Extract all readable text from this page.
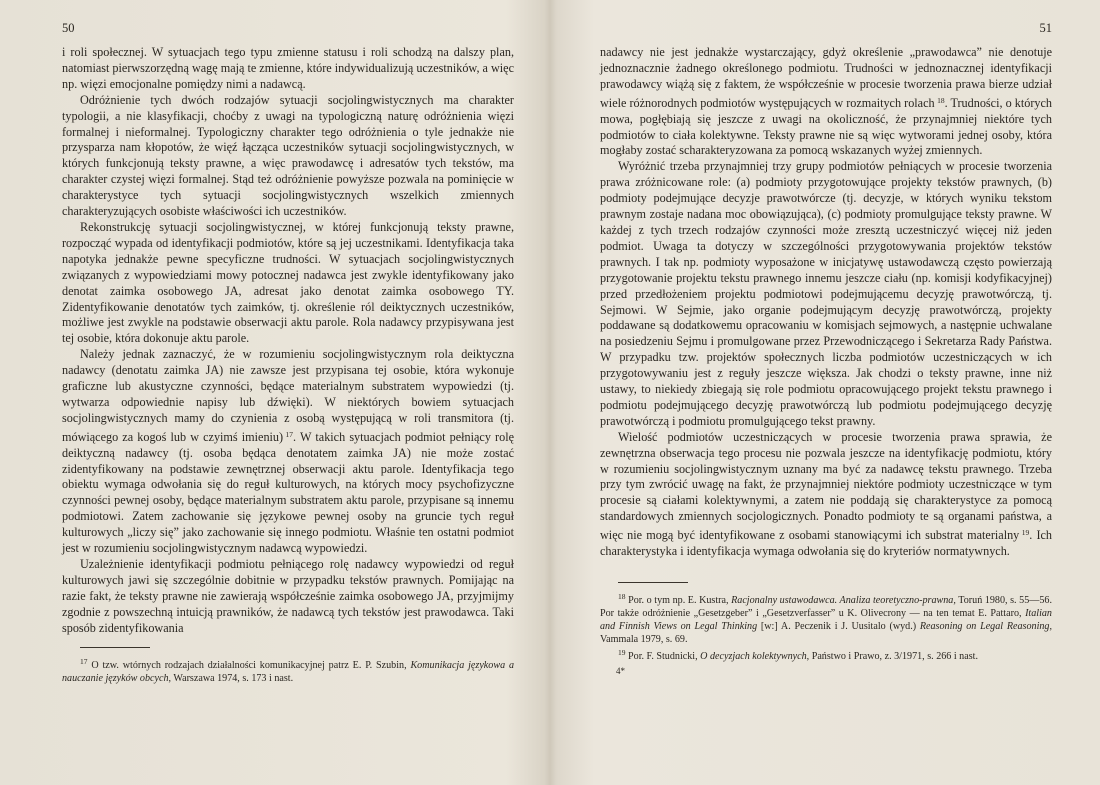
50

i roli społecznej. W sytuacjach tego typu zmienne statusu i roli schodzą na dalszy plan, natomiast pierwszorzędną wagę mają te zmienne, które indywidualizują uczestników, a więc np. więzi emocjonalne pomiędzy nimi a nadawcą.

Odróżnienie tych dwóch rodzajów sytuacji socjolingwistycznych ma charakter typologii, a nie klasyfikacji, choćby z uwagi na typologiczną naturę odróżnienia więzi formalnej i nieformalnej. Typologiczny charakter tego odróżnienia o tyle jednakże nie przysparza nam kłopotów, że więź łącząca uczestników sytuacji socjolingwistycznych, w których funkcjonują teksty prawne, a więc prawodawcę i adresatów tych tekstów, ma charakter czystej więzi formalnej. Stąd też odróżnienie powyższe pozwala na pominięcie w charakterystyce tych sytuacji socjolingwistycznych wszelkich zmiennych charakteryzujących osobiste właściwości ich uczestników.

Rekonstrukcję sytuacji socjolingwistycznej, w której funkcjonują teksty prawne, rozpocząć wypada od identyfikacji podmiotów, które są jej uczestnikami. Identyfikacja taka napotyka jednakże pewne specyficzne trudności. W sytuacjach socjolingwistycznych związanych z wypowiedziami mowy potocznej nadawca jest zwykle identyfikowany jako denotat zaimka osobowego JA, adresat jako denotat zaimka osobowego TY. Zidentyfikowanie denotatów tych zaimków, tj. określenie ról deiktycznych uczestników, możliwe jest zwykle na podstawie obserwacji aktu parole. Rola nadawcy przypisywana jest tej osobie, która dokonuje aktu parole.

Należy jednak zaznaczyć, że w rozumieniu socjolingwistycznym rola deiktyczna nadawcy (denotatu zaimka JA) nie zawsze jest przypisana tej osobie, która wykonuje graficzne lub akustyczne czynności, będące materialnym substratem wypowiedzi (tj. wytwarza odpowiednie napisy lub dźwięki). W niektórych bowiem sytuacjach socjolingwistycznych mamy do czynienia z osobą występującą w roli transmitora (tj. mówiącego za kogoś lub w czyimś imieniu)  $^{17}$. W takich sytuacjach podmiot pełniący rolę deiktyczną nadawcy (tj. osoba będąca denotatem zaimka JA) nie może zostać zidentyfikowany na podstawie zewnętrznej obserwacji aktu parole. Identyfikacja tego obiektu wymaga odwołania się do reguł kulturowych, na których mocy psychofizyczne czynności pewnej osoby, będące materialnym substratem aktu parole, przypisane są innemu podmiotowi. Zatem zachowanie się językowe pewnej osoby na gruncie tych reguł kulturowych „liczy się” jako zachowanie się innego podmiotu. Właśnie ten ostatni podmiot jest w rozumieniu socjolingwistycznym nadawcą wypowiedzi.

Uzależnienie identyfikacji podmiotu pełniącego rolę nadawcy wypowiedzi od reguł kulturowych jawi się szczególnie dobitnie w przypadku tekstów prawnych. Pomijając na razie fakt, że teksty prawne nie zawierają współcześnie zaimka osobowego JA, przyjmijmy zgodnie z powszechną intuicją prawników, że nadawcą tych tekstów jest prawodawca. Taki sposób zidentyfikowania

$^{17}$ O tzw. wtórnych rodzajach działalności komunikacyjnej patrz E. P. Szubin, Komunikacja językowa a nauczanie języków obcych, Warszawa 1974, s. 173 i nast.

51

nadawcy nie jest jednakże wystarczający, gdyż określenie „prawodawca” nie denotuje jednoznacznie żadnego określonego podmiotu. Trudności w jednoznacznej identyfikacji prawodawcy wiążą się z faktem, że współcześnie w procesie tworzenia prawa bierze udział wiele różnorodnych podmiotów występujących w rozmaitych rolach  $^{18}$. Trudności, o których mowa, pogłębiają się jeszcze z uwagi na okoliczność, że przynajmniej niektóre tych podmiotów to ciała kolektywne. Teksty prawne nie są więc wytworami jednej osoby, która mogłaby zostać scharakteryzowana za pomocą wskazanych wyżej zmiennych.

Wyróżnić trzeba przynajmniej trzy grupy podmiotów pełniących w procesie tworzenia prawa zróżnicowane role: (a) podmioty przygotowujące projekty tekstów prawnych, (b) podmioty podejmujące decyzje prawotwórcze (tj. decyzje, w których wyniku tekstom prawnym zostaje nadana moc obowiązująca), (c) podmioty promulgujące teksty prawne. W każdej z tych trzech rodzajów czynności może zresztą uczestniczyć więcej niż jeden podmiot. Uwaga ta dotyczy w szczególności przygotowywania projektów tekstów prawnych. I tak np. podmioty wyposażone w inicjatywę ustawodawczą często powierzają przygotowanie projektu tekstu prawnego innemu jeszcze ciału (np. komisji kodyfikacyjnej) przed przedłożeniem projektu podmiotowi podejmującemu decyzję prawotwórczą, tj. Sejmowi. W Sejmie, jako organie podejmującym decyzję prawotwórczą, projekty poddawane są dodatkowemu opracowaniu w komisjach sejmowych, a następnie uchwalane na posiedzeniu Sejmu i promulgowane przez Przewodniczącego i Sekretarza Rady Państwa. W przypadku tzw. projektów społecznych liczba podmiotów uczestniczących w ich przygotowywaniu jest z reguły jeszcze większa. Jak chodzi o teksty prawne, inne niż ustawy, to niekiedy zbiegają się role podmiotu opracowującego projekt tekstu prawnego i podmiotu podejmującego decyzję prawotwórczą lub podmiotu podejmującego decyzję prawotwórczą i podmiotu promulgującego tekst prawny.

Wielość podmiotów uczestniczących w procesie tworzenia prawa sprawia, że zewnętrzna obserwacja tego procesu nie pozwala jeszcze na identyfikację podmiotu, który w rozumieniu socjolingwistycznym uznany ma być za nadawcę tekstu prawnego. Trzeba przy tym zwrócić uwagę na fakt, że przynajmniej niektóre podmioty uczestniczące w tym procesie są ciałami kolektywnymi, a zatem nie poddają się charakterystyce za pomocą standardowych zmiennych socjologicznych. Ponadto podmioty te są organami państwa, a więc nie mogą być identyfikowane z osobami stanowiącymi ich substrat materialny  $^{19}$. Ich charakterystyka i identyfikacja wymaga odwołania się do kryteriów normatywnych.

$^{18}$ Por. o tym np. E. Kustra, Racjonalny ustawodawca. Analiza teoretyczno-prawna, Toruń 1980, s. 55—56. Por także odróżnienie „Gesetzgeber” i „Gesetzverfasser” u K. Olivecrony — na ten temat E. Pattaro, Italian and Finnish Views on Legal Thinking [w:] A. Peczenik i J. Uusitalo (wyd.) Reasoning on Legal Reasoning, Vammala 1979, s. 69.

$^{19}$ Por. F. Studnicki, O decyzjach kolektywnych, Państwo i Prawo, z. 3/1971, s. 266 i nast.

4*
